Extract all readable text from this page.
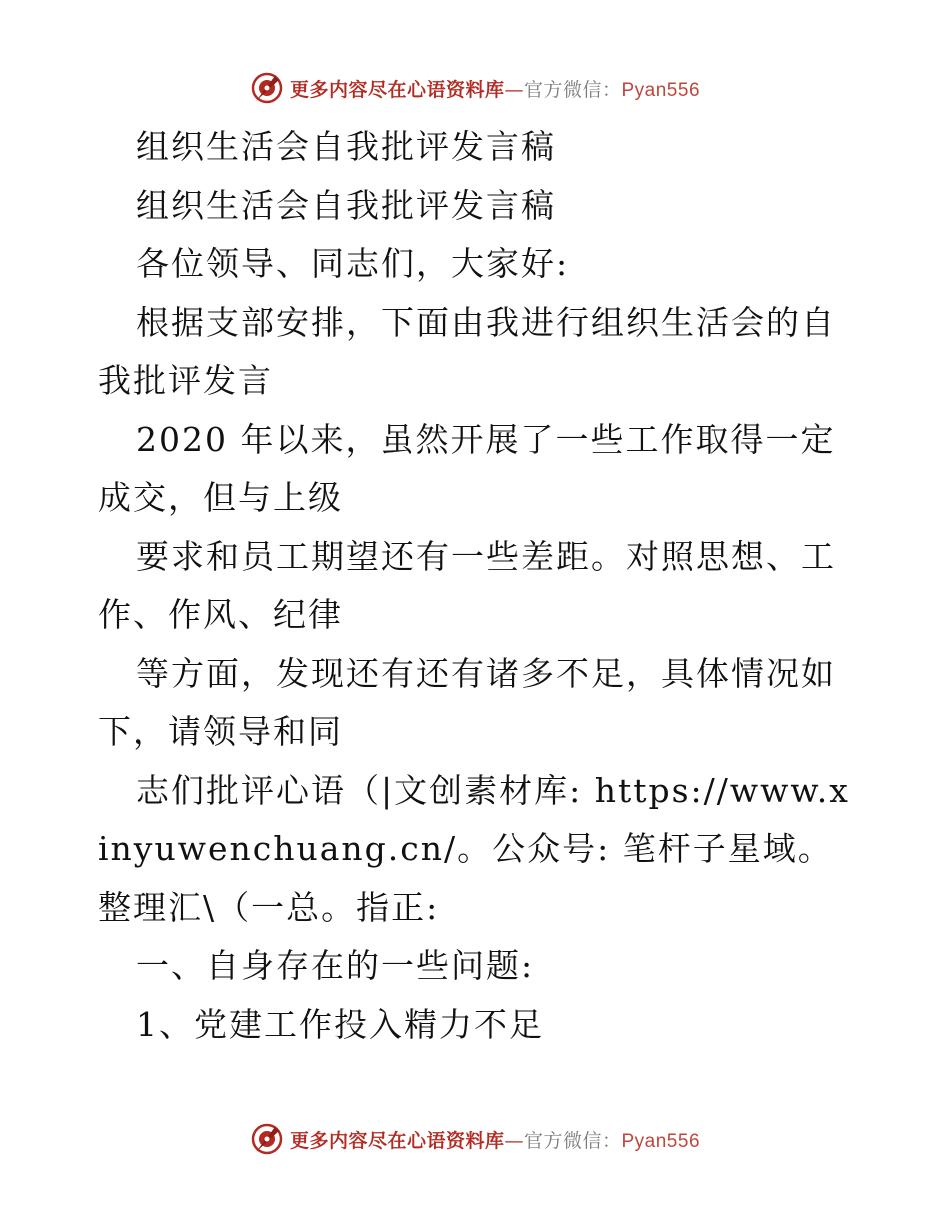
更多内容尽在心语资料库—官方微信：Pyan556

组织生活会自我批评发言稿

组织生活会自我批评发言稿

各位领导、同志们，大家好:

根据支部安排，下面由我进行组织生活会的自我批评发言

2020 年以来，虽然开展了一些工作取得一定成交，但与上级

要求和员工期望还有一些差距。对照思想、工作、作风、纪律

等方面，发现还有还有诸多不足，具体情况如下，请领导和同

志们批评心语（|文创素材库: https://www.xinyuwenchuang.cn/。公众号: 笔杆子星域。整理汇\（一总。指正:

一、自身存在的一些问题:

1、党建工作投入精力不足

更多内容尽在心语资料库—官方微信：Pyan556
